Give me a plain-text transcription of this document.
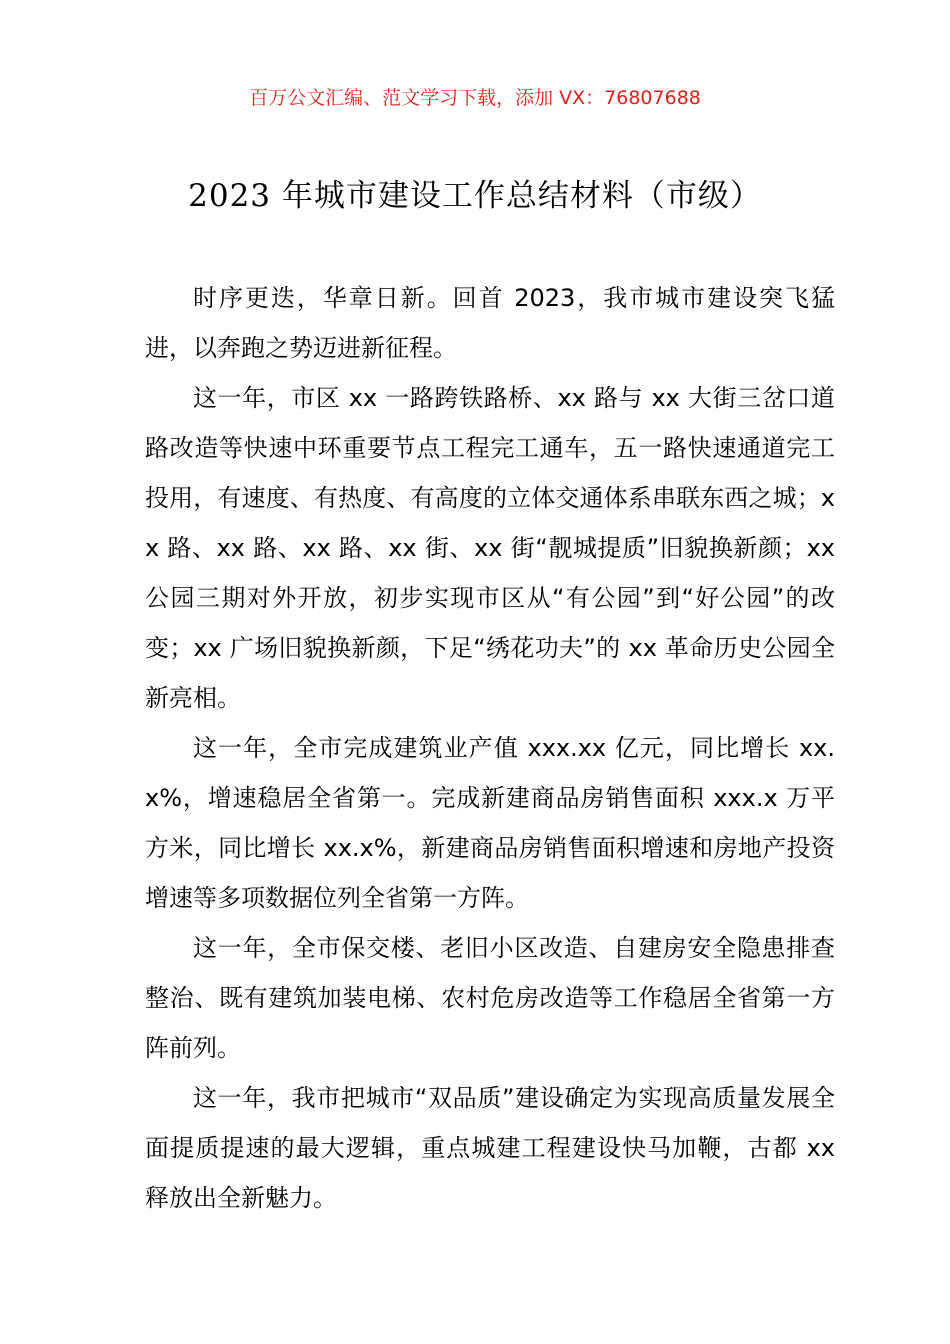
百万公文汇编、范文学习下载，添加 VX：76807688
2023 年城市建设工作总结材料（市级）

时序更迭，华章日新。回首 2023，我市城市建设突飞猛进，以奔跑之势迈进新征程。

这一年，市区 xx 一路跨铁路桥、xx 路与 xx 大街三岔口道路改造等快速中环重要节点工程完工通车，五一路快速通道完工投用，有速度、有热度、有高度的立体交通体系串联东西之城；xx 路、xx 路、xx 路、xx 街、xx 街“靓城提质”旧貌换新颜；xx 公园三期对外开放，初步实现市区从“有公园”到“好公园”的改变；xx 广场旧貌换新颜，下足“绣花功夫”的 xx 革命历史公园全新亮相。

这一年，全市完成建筑业产值 xxx.xx 亿元，同比增长 xx.x%，增速稳居全省第一。完成新建商品房销售面积 xxx.x 万平方米，同比增长 xx.x%，新建商品房销售面积增速和房地产投资增速等多项数据位列全省第一方阵。

这一年，全市保交楼、老旧小区改造、自建房安全隐患排查整治、既有建筑加装电梯、农村危房改造等工作稳居全省第一方阵前列。

这一年，我市把城市“双品质”建设确定为实现高质量发展全面提质提速的最大逻辑，重点城建工程建设快马加鞭，古都 xx 释放出全新魅力。
